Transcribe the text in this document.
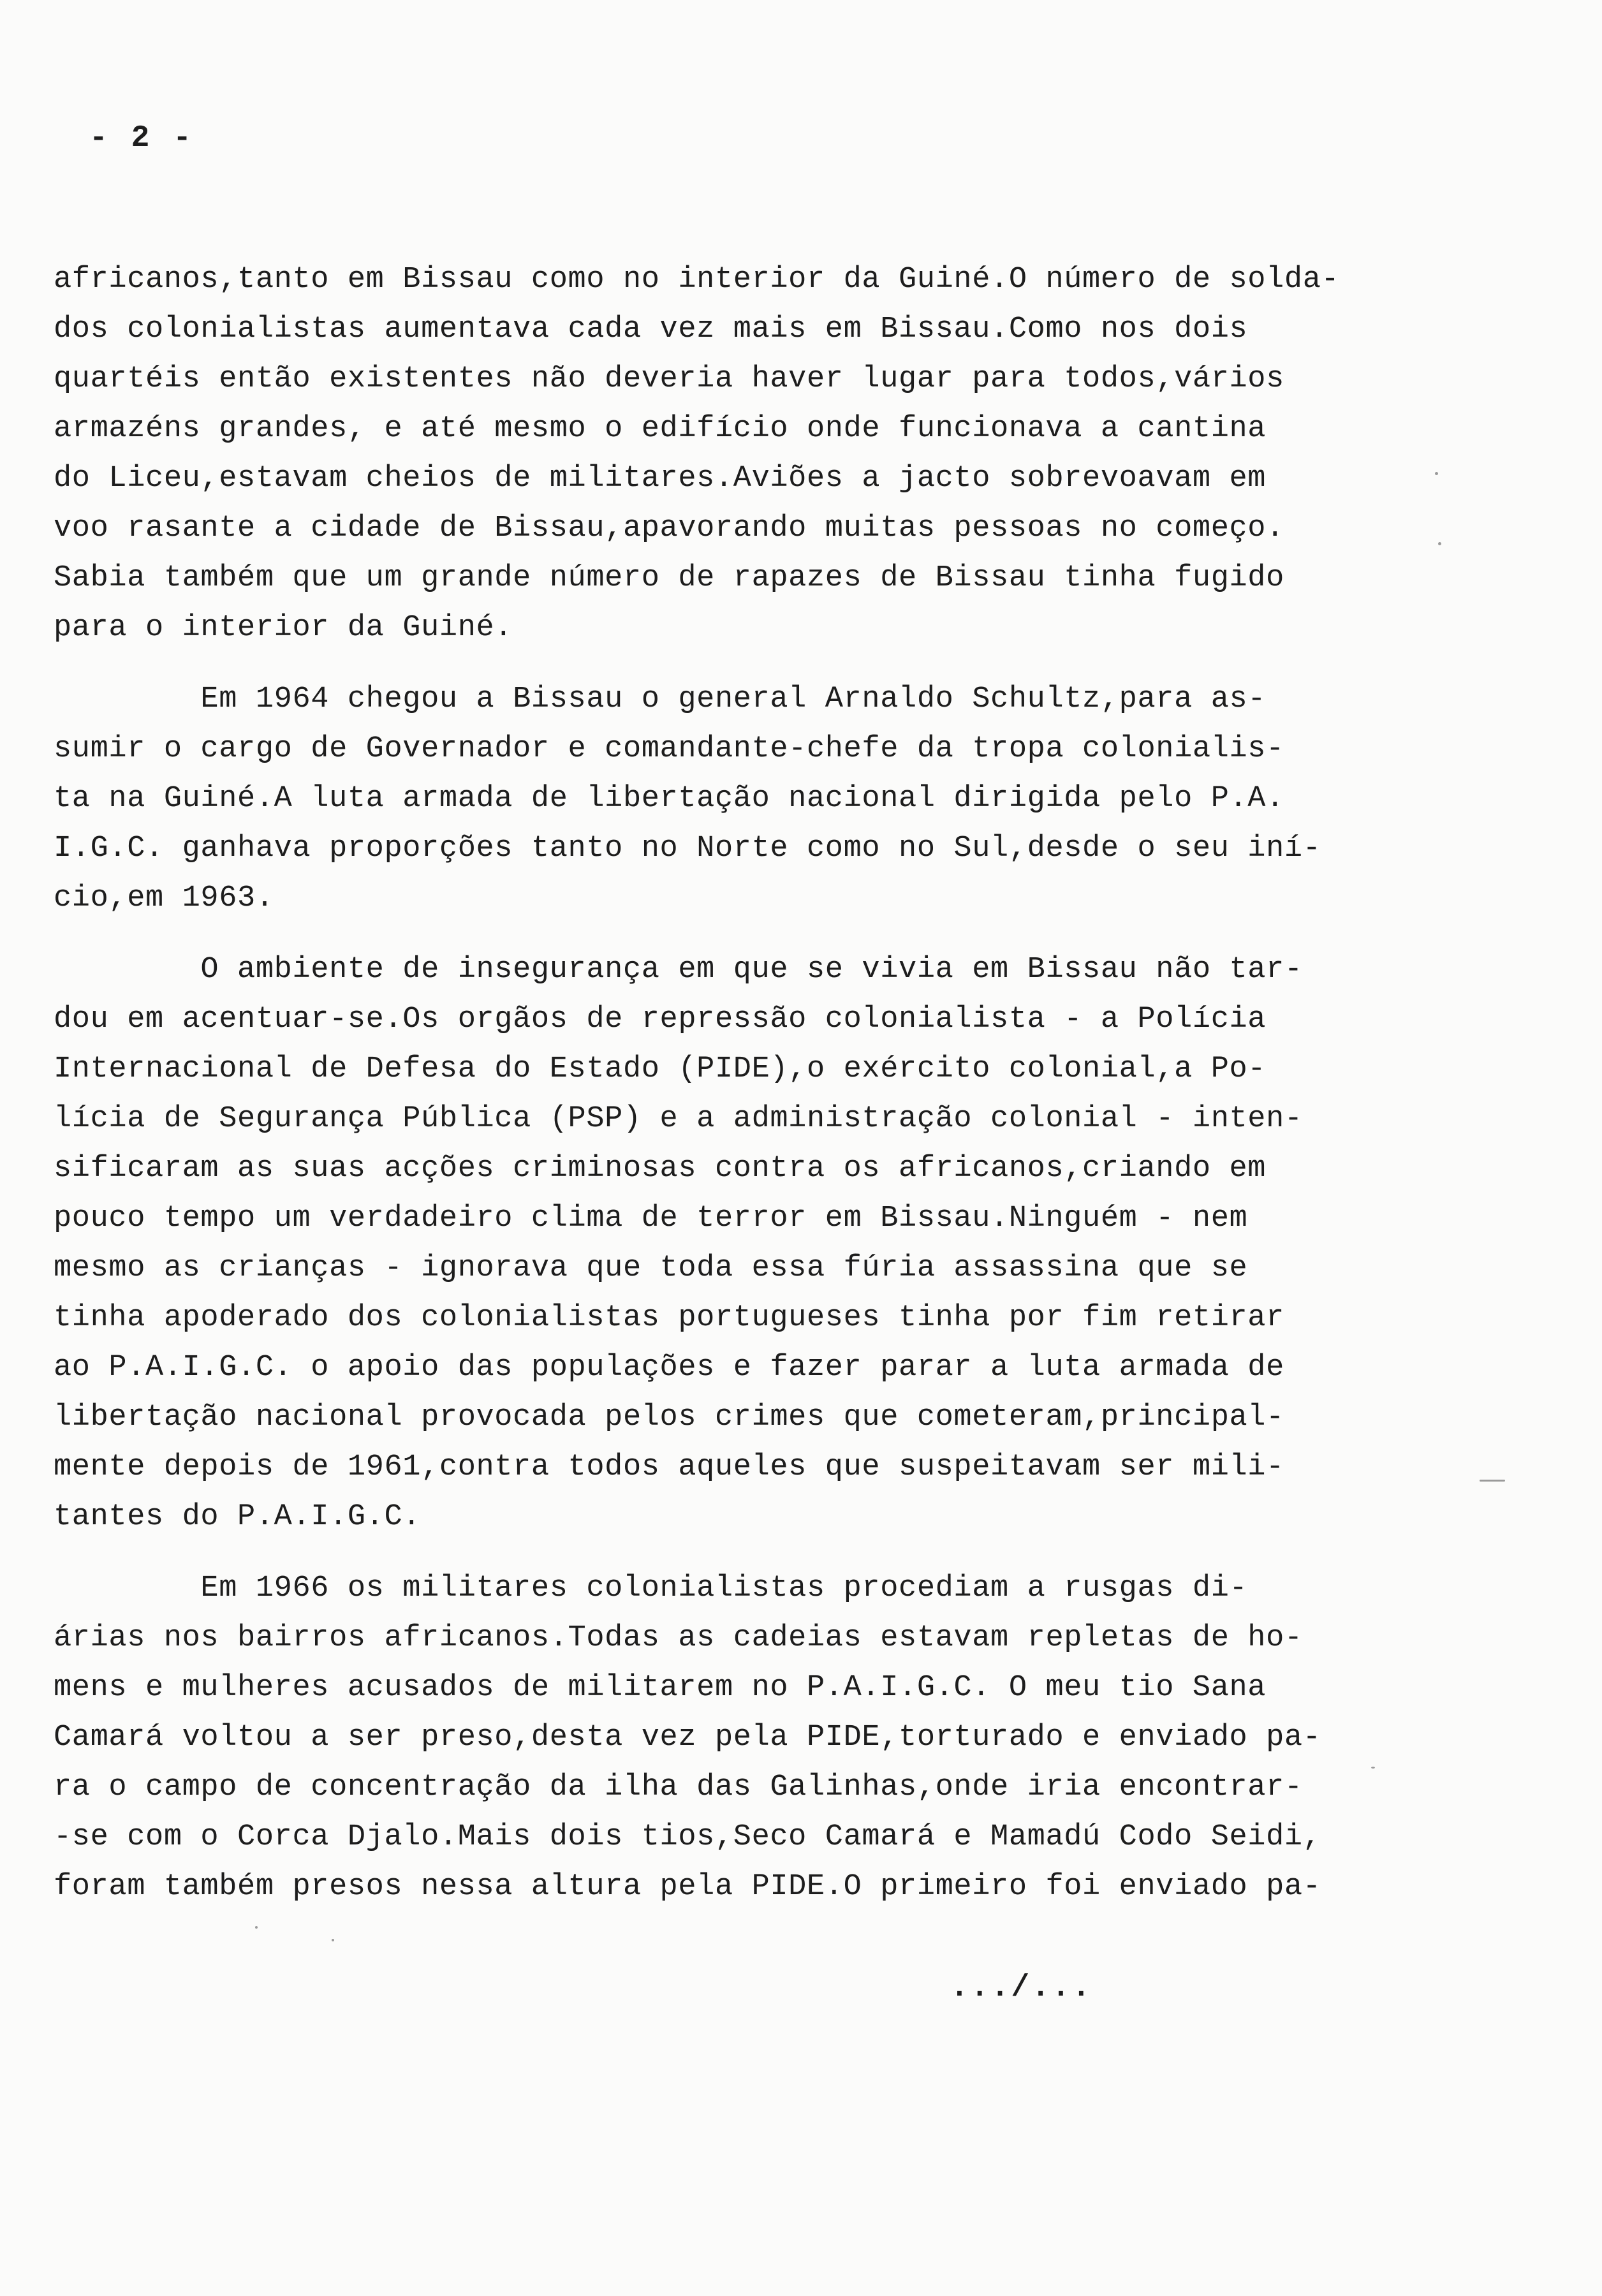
- 2 -
africanos,tanto em Bissau como no interior da Guiné.O número de solda-
dos colonialistas aumentava cada vez mais em Bissau.Como nos dois
quartéis então existentes não deveria haver lugar para todos,vários
armazéns grandes, e até mesmo o edifício onde funcionava a cantina
do Liceu,estavam cheios de militares.Aviões a jacto sobrevoavam em
voo rasante a cidade de Bissau,apavorando muitas pessoas no começo.
Sabia também que um grande número de rapazes de Bissau tinha fugido
para o interior da Guiné.
Em 1964 chegou a Bissau o general Arnaldo Schultz,para as-
sumir o cargo de Governador e comandante-chefe da tropa colonialis-
ta na Guiné.A luta armada de libertação nacional dirigida pelo P.A.
I.G.C. ganhava proporções tanto no Norte como no Sul,desde o seu iní-
cio,em 1963.
O ambiente de insegurança em que se vivia em Bissau não tar-
dou em acentuar-se.Os orgãos de repressão colonialista - a Polícia
Internacional de Defesa do Estado (PIDE),o exército colonial,a Po-
lícia de Segurança Pública (PSP) e a administração colonial - inten-
sificaram as suas acções criminosas contra os africanos,criando em
pouco tempo um verdadeiro clima de terror em Bissau.Ninguém - nem
mesmo as crianças - ignorava que toda essa fúria assassina que se
tinha apoderado dos colonialistas portugueses tinha por fim retirar
ao P.A.I.G.C. o apoio das populações e fazer parar a luta armada de
libertação nacional provocada pelos crimes que cometeram,principal-
mente depois de 1961,contra todos aqueles que suspeitavam ser mili-
tantes do P.A.I.G.C.
Em 1966 os militares colonialistas procediam a rusgas di-
árias nos bairros africanos.Todas as cadeias estavam repletas de ho-
mens e mulheres acusados de militarem no P.A.I.G.C. O meu tio Sana
Camará voltou a ser preso,desta vez pela PIDE,torturado e enviado pa-
ra o campo de concentração da ilha das Galinhas,onde iria encontrar-
-se com o Corca Djalo.Mais dois tios,Seco Camará e Mamadú Codo Seidi,
foram também presos nessa altura pela PIDE.O primeiro foi enviado pa-
.../...
